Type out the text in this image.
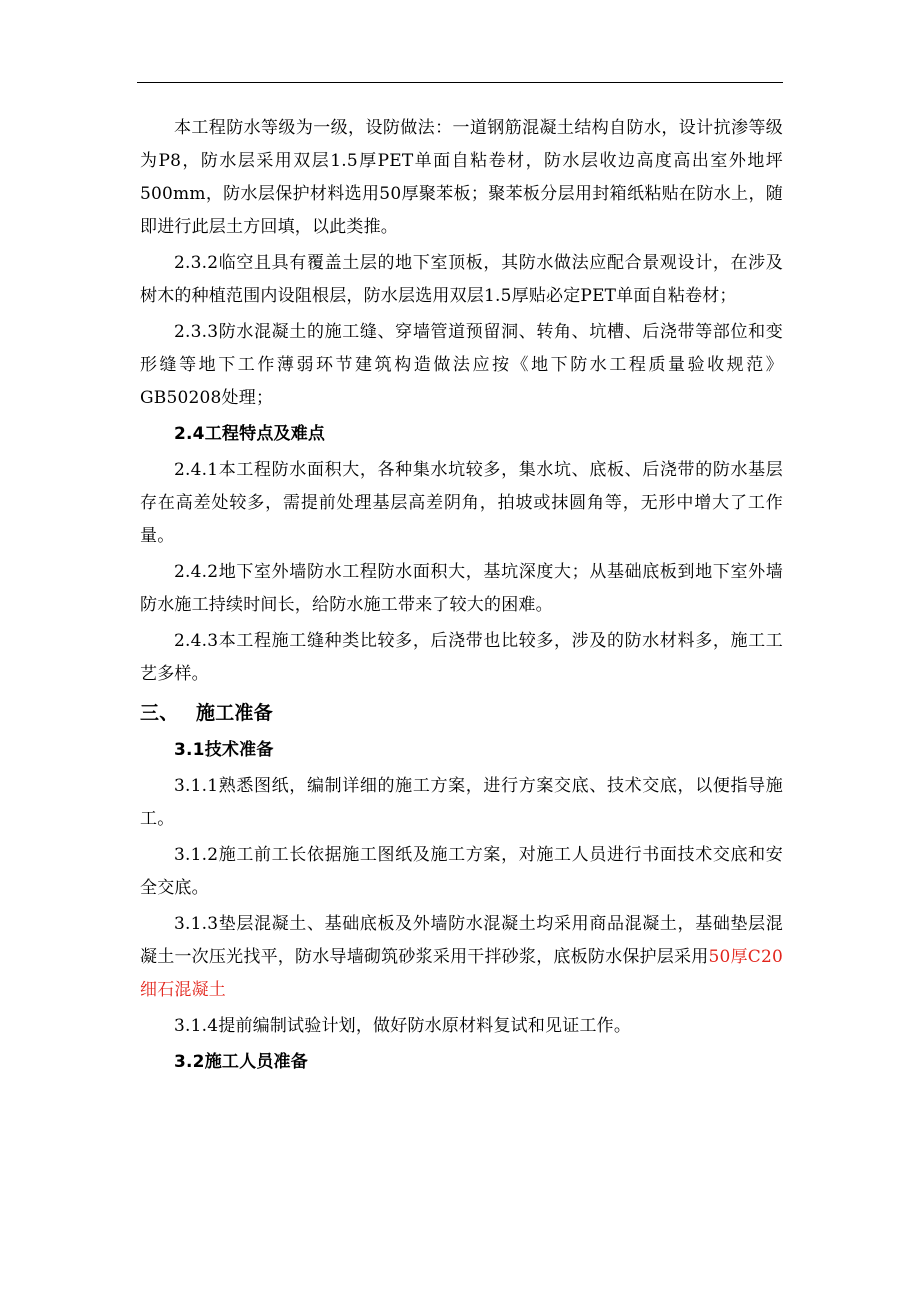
本工程防水等级为一级，设防做法：一道钢筋混凝土结构自防水，设计抗渗等级为P8，防水层采用双层1.5厚PET单面自粘卷材，防水层收边高度高出室外地坪500mm，防水层保护材料选用50厚聚苯板；聚苯板分层用封箱纸粘贴在防水上，随即进行此层土方回填，以此类推。

2.3.2临空且具有覆盖土层的地下室顶板，其防水做法应配合景观设计，在涉及树木的种植范围内设阻根层，防水层选用双层1.5厚贴必定PET单面自粘卷材；

2.3.3防水混凝土的施工缝、穿墙管道预留洞、转角、坑槽、后浇带等部位和变形缝等地下工作薄弱环节建筑构造做法应按《地下防水工程质量验收规范》GB50208处理；

2.4工程特点及难点

2.4.1本工程防水面积大，各种集水坑较多，集水坑、底板、后浇带的防水基层存在高差处较多，需提前处理基层高差阴角，拍坡或抹圆角等，无形中增大了工作量。

2.4.2地下室外墙防水工程防水面积大，基坑深度大；从基础底板到地下室外墙防水施工持续时间长，给防水施工带来了较大的困难。

2.4.3本工程施工缝种类比较多，后浇带也比较多，涉及的防水材料多，施工工艺多样。

三、 施工准备

3.1技术准备

3.1.1熟悉图纸，编制详细的施工方案，进行方案交底、技术交底，以便指导施工。

3.1.2施工前工长依据施工图纸及施工方案，对施工人员进行书面技术交底和安全交底。

3.1.3垫层混凝土、基础底板及外墙防水混凝土均采用商品混凝土，基础垫层混凝土一次压光找平，防水导墙砌筑砂浆采用干拌砂浆，底板防水保护层采用50厚C20细石混凝土

3.1.4提前编制试验计划，做好防水原材料复试和见证工作。

3.2施工人员准备
